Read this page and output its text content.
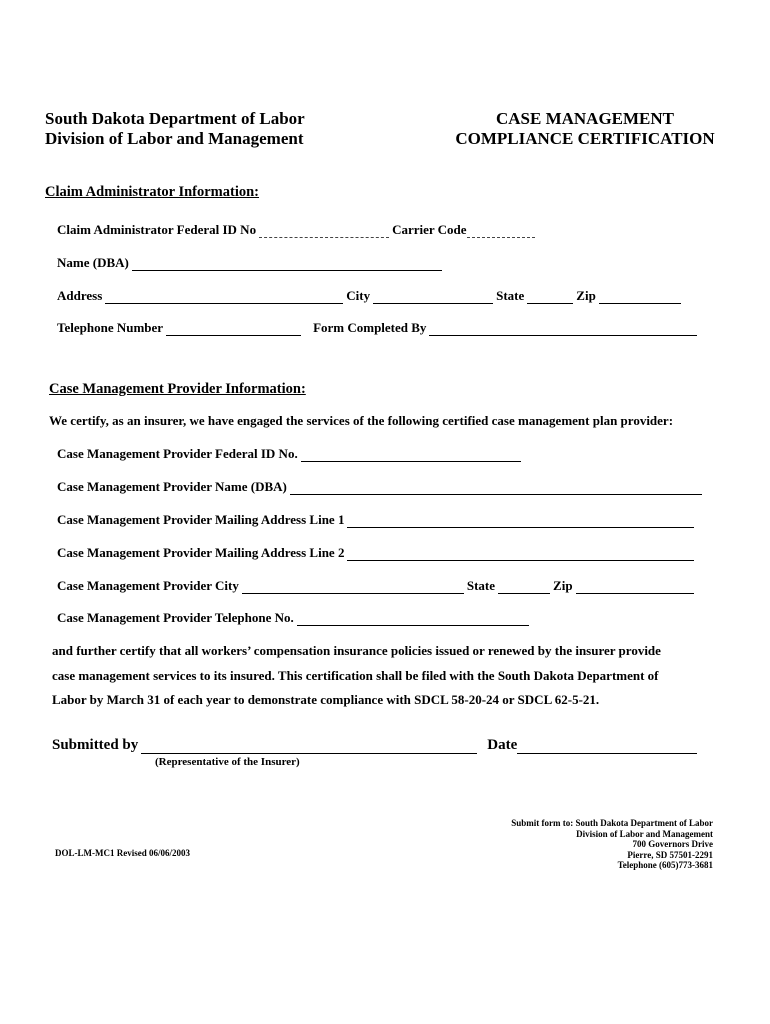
South Dakota Department of Labor
Division of Labor and Management
CASE MANAGEMENT
COMPLIANCE CERTIFICATION
Claim Administrator Information:
Claim Administrator Federal ID No	Carrier Code
Name (DBA)
Address	City	State	Zip
Telephone Number	Form Completed By
Case Management Provider Information:
We certify, as an insurer, we have engaged the services of the following certified case management plan provider:
Case Management Provider Federal ID No.
Case Management Provider Name (DBA)
Case Management Provider Mailing Address Line 1
Case Management Provider Mailing Address Line 2
Case Management Provider City	State	Zip
Case Management Provider Telephone No.
and further certify that all workers’ compensation insurance policies issued or renewed by the insurer provide
case management services to its insured. This certification shall be filed with the South Dakota Department of
Labor by March 31 of each year to demonstrate compliance with SDCL 58-20-24 or SDCL 62-5-21.
Submitted by	Date
(Representative of the Insurer)
DOL-LM-MC1 Revised 06/06/2003
Submit form to: South Dakota Department of Labor
Division of Labor and Management
700 Governors Drive
Pierre, SD 57501-2291
Telephone (605)773-3681
